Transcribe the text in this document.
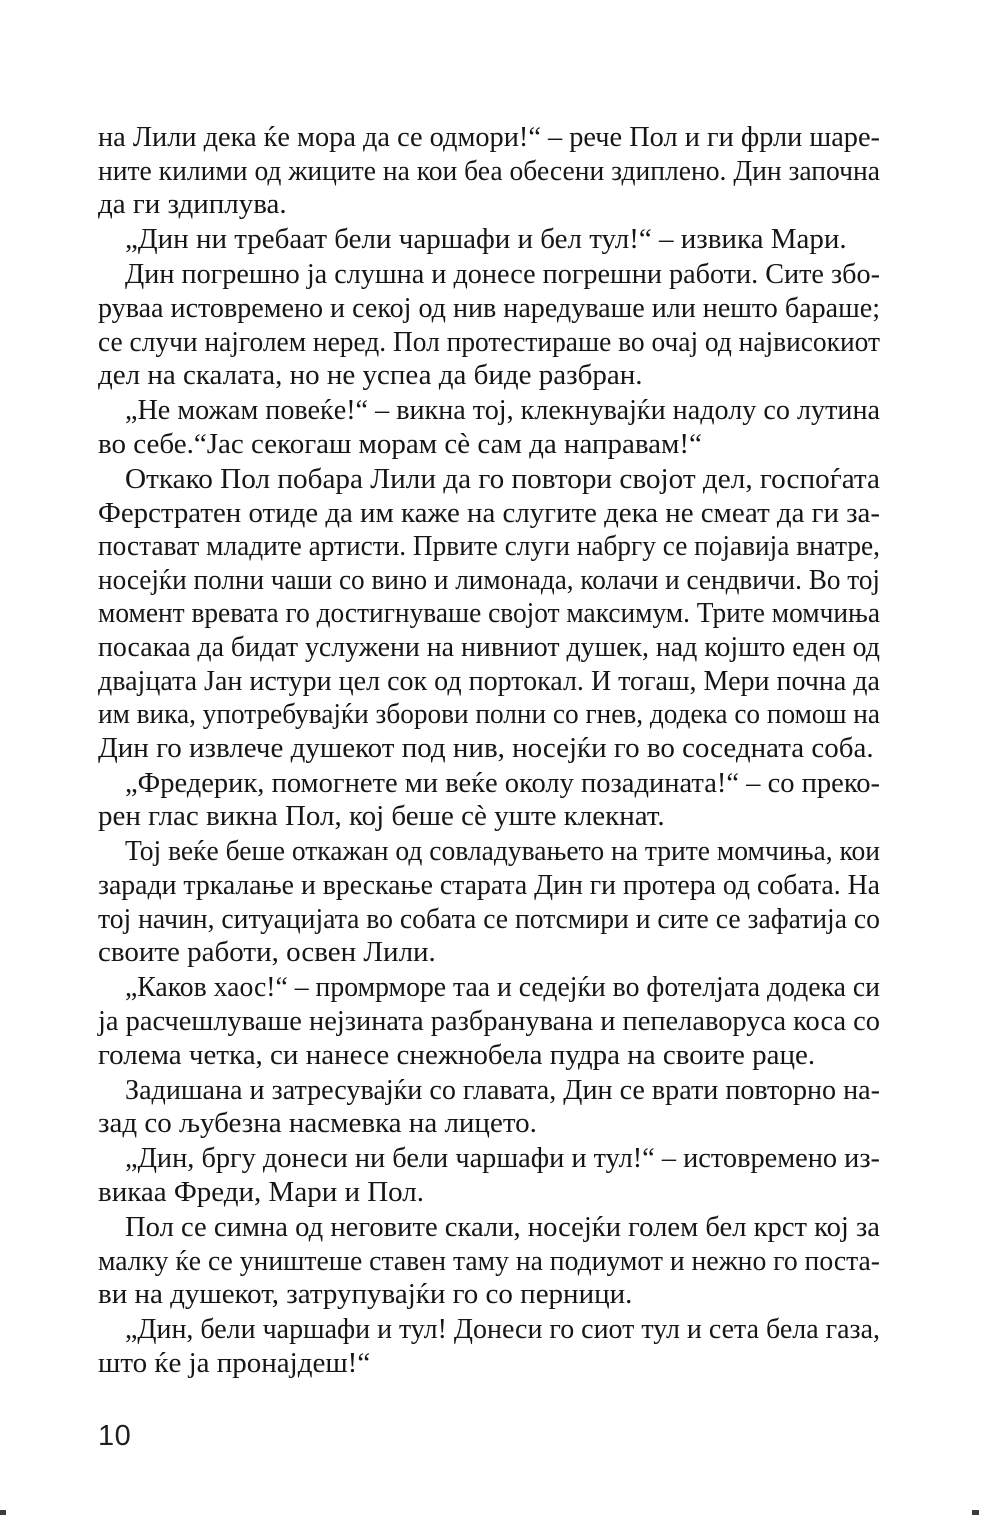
на Лили дека ќе мора да се одмори!“ – рече Пол и ги фрли шаре-
ните килими од жиците на кои беа обесени здиплено. Дин започна
да ги здиплува.
„Дин ни требаат бели чаршафи и бел тул!“ – извика Мари.
Дин погрешно ја слушна и донесе погрешни работи. Сите збо-
руваа истовремено и секој од нив наредуваше или нешто бараше;
се случи најголем неред. Пол протестираше во очај од највисокиот
дел на скалата, но не успеа да биде разбран.
„Не можам повеќе!“ – викна тој, клекнувајќи надолу со лутина
во себе.“Јас секогаш морам сè сам да направам!“
Откако Пол побара Лили да го повтори својот дел, госпоѓата
Ферстратен отиде да им каже на слугите дека не смеат да ги за-
постават младите артисти. Првите слуги набргу се појавија внатре,
носејќи полни чаши со вино и лимонада, колачи и сендвичи. Во тој
момент вревата го достигнуваше својот максимум. Трите момчиња
посакаа да бидат услужени на нивниот душек, над којшто еден од
двајцата Јан истури цел сок од портокал. И тогаш, Мери почна да
им вика, употребувајќи зборови полни со гнев, додека со помош на
Дин го извлече душекот под нив, носејќи го во соседната соба.
„Фредерик, помогнете ми веќе околу позадината!“ – со преко-
рен глас викна Пол, кој беше сè уште клекнат.
Тој веќе беше откажан од совладувањето на трите момчиња, кои
заради тркалање и врескање старата Дин ги протера од собата. На
тој начин, ситуацијата во собата се потсмири и сите се зафатија со
своите работи, освен Лили.
„Каков хаос!“ – промрморе таа и седејќи во фотелјата додека си
ја расчешлуваше нејзината разбранувана и пепелаворуса коса со
голема четка, си нанесе снежнобела пудра на своите раце.
Задишана и затресувајќи со главата, Дин се врати повторно на-
зад со љубезна насмевка на лицето.
„Дин, бргу донеси ни бели чаршафи и тул!“ – истовремено из-
викаа Фреди, Мари и Пол.
Пол се симна од неговите скали, носејќи голем бел крст кој за
малку ќе се уништеше ставен таму на подиумот и нежно го поста-
ви на душекот, затрупувајќи го со перници.
„Дин, бели чаршафи и тул! Донеси го сиот тул и сета бела газа,
што ќе ја пронајдеш!“
10
